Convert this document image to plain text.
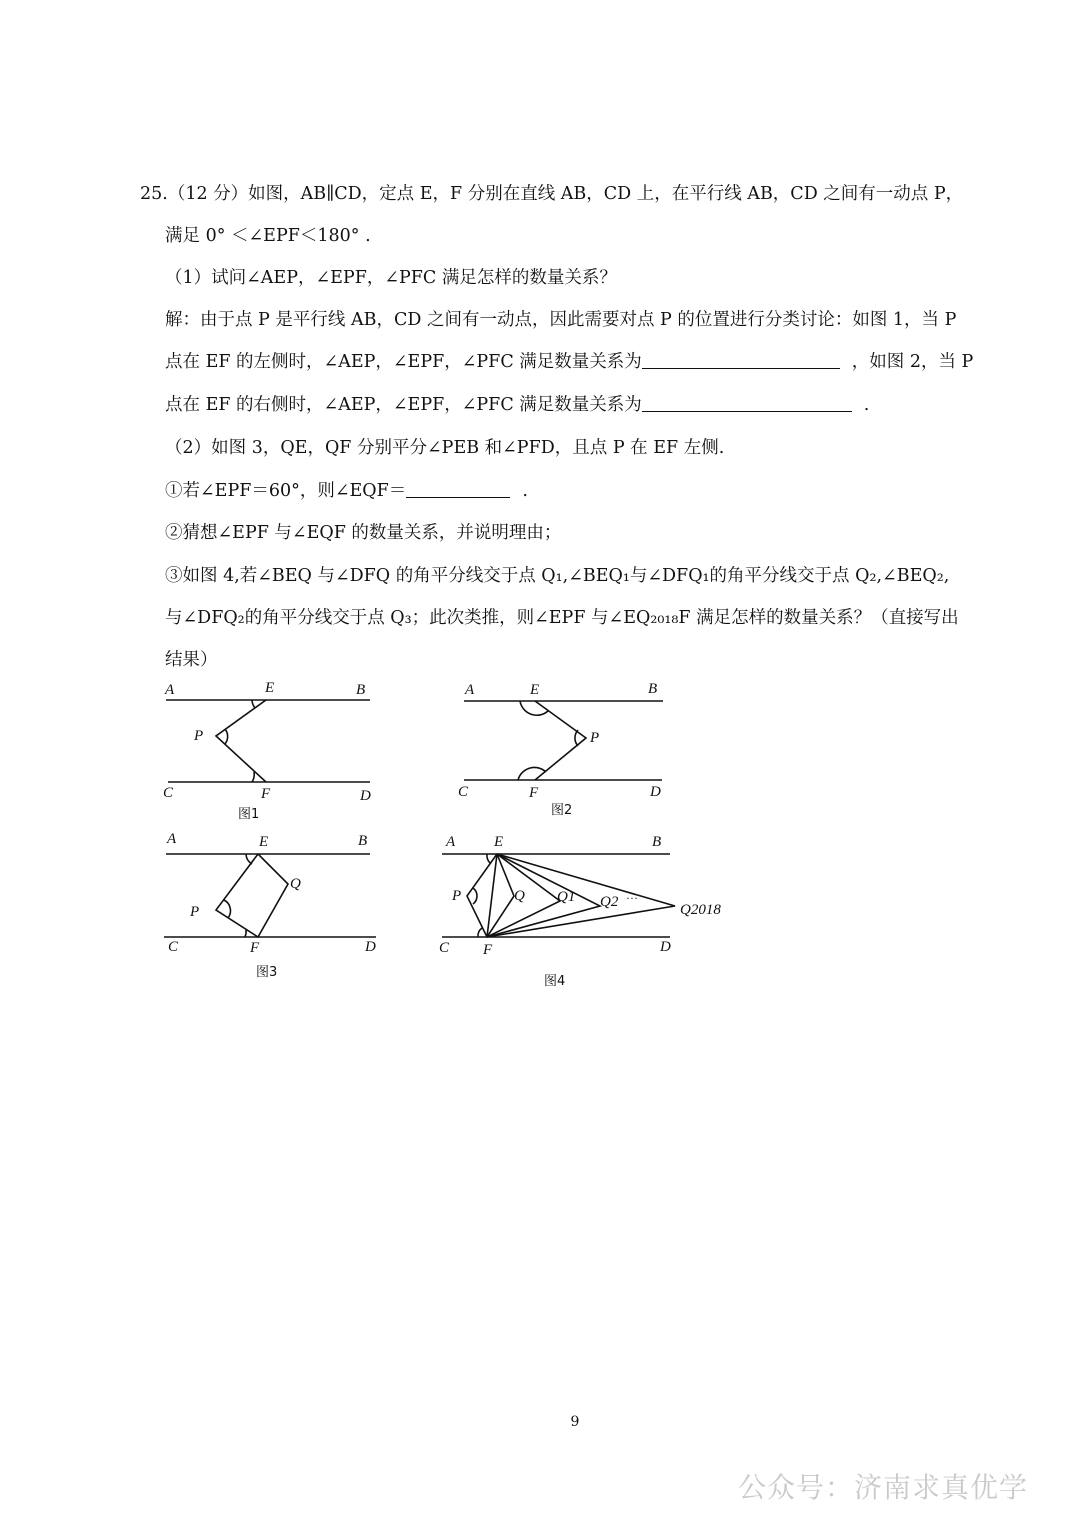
25.（12 分）如图，AB∥CD，定点 E，F 分别在直线 AB，CD 上，在平行线 AB，CD 之间有一动点 P，
满足 0° ＜∠EPF＜180° .
（1）试问∠AEP，∠EPF，∠PFC 满足怎样的数量关系？
解：由于点 P 是平行线 AB，CD 之间有一动点，因此需要对点 P 的位置进行分类讨论：如图 1，当 P
点在 EF 的左侧时，∠AEP，∠EPF，∠PFC 满足数量关系为	，如图 2，当 P
点在 EF 的右侧时，∠AEP，∠EPF，∠PFC 满足数量关系为	.
（2）如图 3，QE，QF 分别平分∠PEB 和∠PFD，且点 P 在 EF 左侧.
①若∠EPF＝60°，则∠EQF＝	.
②猜想∠EPF 与∠EQF 的数量关系，并说明理由；
③如图 4,若∠BEQ 与∠DFQ 的角平分线交于点 Q₁,∠BEQ₁与∠DFQ₁的角平分线交于点 Q₂,∠BEQ₂,
与∠DFQ₂的角平分线交于点 Q₃；此次类推，则∠EPF 与∠EQ₂₀₁₈F 满足怎样的数量关系？（直接写出
结果）
A	E	B
P
C	F	D
图1
A	E	B
P
C	F	D
图2
A	E	B
Q
P
C	F	D
图3
A	E	B
P	Q Q1 Q2 ···
Q2018
C F	D
图4
9
公众号：济南求真优学
